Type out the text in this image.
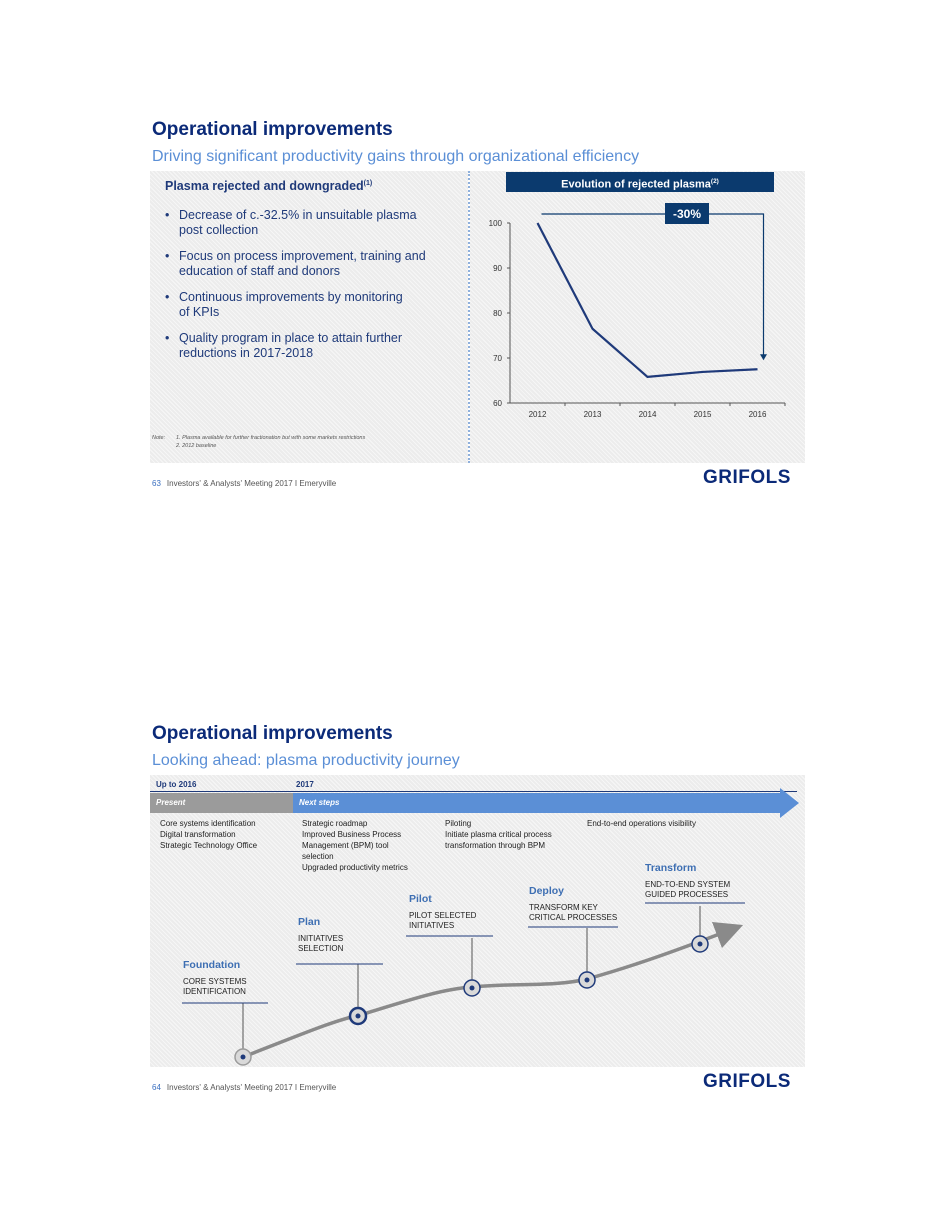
Operational improvements
Driving significant productivity gains through organizational efficiency
Plasma rejected and downgraded$^{(1)}$
• Decrease of c.-32.5% in unsuitable plasma
post collection
• Focus on process improvement, training and
education of staff and donors
• Continuous improvements by monitoring
of KPIs
• Quality program in place to attain further
reductions in 2017-2018
Note:	1. Plasma available for further fractionation but with some markets restrictions
2. 2012 baseline
Evolution of rejected plasma$^{(2)}$
60
70
80
90
100
2012	2013	2014	2015	2016
-30%
63 Investors' & Analysts' Meeting 2017 I Emeryville	GRIFOLS
Operational improvements
Looking ahead: plasma productivity journey
Up to 2016	2017
Present	Next steps
Core systems identification
Digital transformation
Strategic Technology Office
Strategic roadmap
Improved Business Process
Management (BPM) tool
selection
Upgraded productivity metrics
Piloting
Initiate plasma critical process
transformation through BPM
End-to-end operations visibility
Foundation
CORE SYSTEMS
IDENTIFICATION
Plan
INITIATIVES
SELECTION
Pilot
PILOT SELECTED
INITIATIVES
Deploy
TRANSFORM KEY
CRITICAL PROCESSES
Transform
END-TO-END SYSTEM
GUIDED PROCESSES
64 Investors' & Analysts' Meeting 2017 I Emeryville	GRIFOLS
